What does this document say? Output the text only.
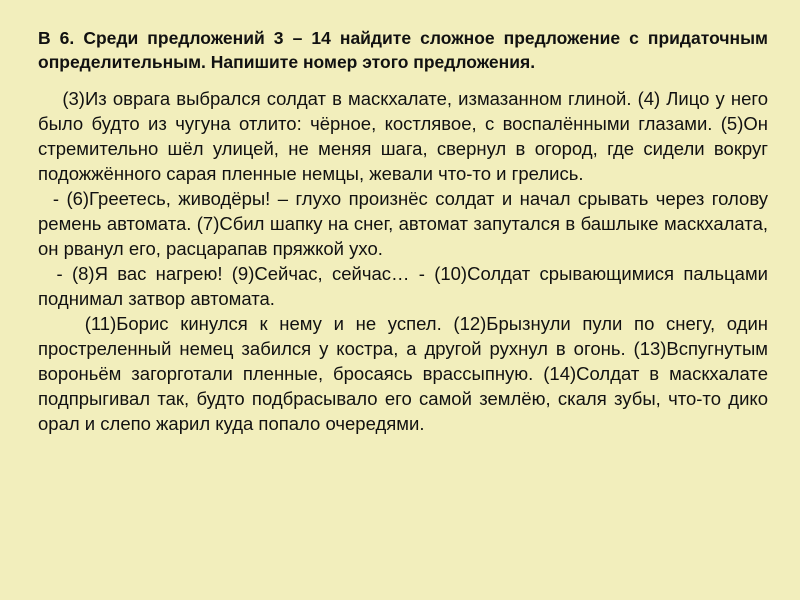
В 6. Среди предложений 3 – 14 найдите сложное предложение с придаточным определительным. Напишите номер этого предложения.

(3)Из оврага выбрался солдат в маскхалате, измазанном глиной. (4) Лицо у него было будто из чугуна отлито: чёрное, костлявое, с воспалёнными глазами. (5)Он стремительно шёл улицей, не меняя шага, свернул в огород, где сидели вокруг подожжённого сарая пленные немцы, жевали что-то и грелись.

- (6)Греетесь, живодёры! – глухо произнёс солдат и начал срывать через голову ремень автомата. (7)Сбил шапку на снег, автомат запутался в башлыке маскхалата, он рванул его, расцарапав пряжкой ухо.

- (8)Я вас нагрею! (9)Сейчас, сейчас… - (10)Солдат срывающимися пальцами поднимал затвор автомата.

(11)Борис кинулся к нему и не успел. (12)Брызнули пули по снегу, один простреленный немец забился у костра, а другой рухнул в огонь. (13)Вспугнутым вороньём загорготали пленные, бросаясь врассыпную. (14)Солдат в маскхалате подпрыгивал так, будто подбрасывало его самой землёю, скаля зубы, что-то дико орал и слепо жарил куда попало очередями.
